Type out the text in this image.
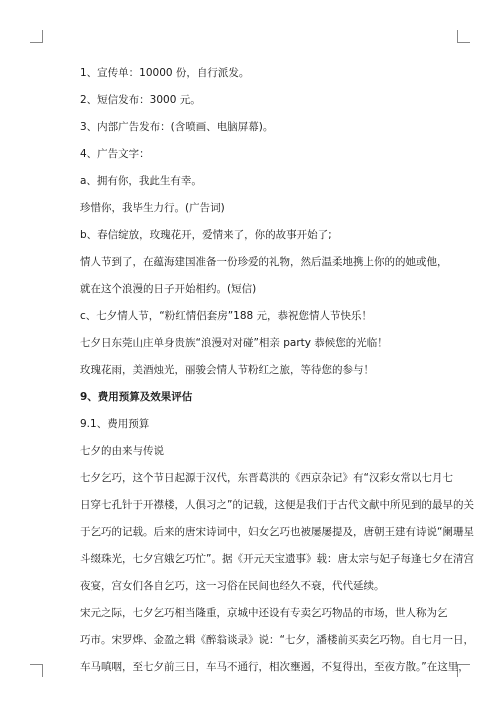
1、宣传单：10000 份，自行派发。
2、短信发布：3000 元。
3、内部广告发布：(含喷画、电脑屏幕)。
4、广告文字：
a、拥有你，我此生有幸。
珍惜你，我毕生力行。(广告词)
b、春信绽放，玫瑰花开，爱情来了，你的故事开始了;
情人节到了，在蕴海建国准备一份珍爱的礼物，然后温柔地携上你的的她或他，
就在这个浪漫的日子开始相约。(短信)
c、七夕情人节，“粉红情侣套房”188 元，恭祝您情人节快乐！
七夕日东莞山庄单身贵族“浪漫对对碰”相亲 party 恭候您的光临！
玫瑰花雨，美酒烛光，丽骏会情人节粉红之旅，等待您的参与！
9、费用预算及效果评估
9.1、费用预算
七夕的由来与传说
七夕乞巧，这个节日起源于汉代，东晋葛洪的《西京杂记》有“汉彩女常以七月七
日穿七孔针于开襟楼，人俱习之”的记载，这便是我们于古代文献中所见到的最早的关
于乞巧的记载。后来的唐宋诗词中，妇女乞巧也被屡屡提及，唐朝王建有诗说“阑珊星
斗缀珠光，七夕宫娥乞巧忙”。据《开元天宝遗事》载：唐太宗与妃子每逢七夕在清宫
夜宴，宫女们各自乞巧，这一习俗在民间也经久不衰，代代延续。
宋元之际，七夕乞巧相当隆重，京城中还设有专卖乞巧物品的市场，世人称为乞
巧市。宋罗烨、金盈之辑《醉翁谈录》说：“七夕，潘楼前买卖乞巧物。自七月一日，
车马嗔咽，至七夕前三日，车马不通行，相次壅遏，不复得出，至夜方散。”在这里，
